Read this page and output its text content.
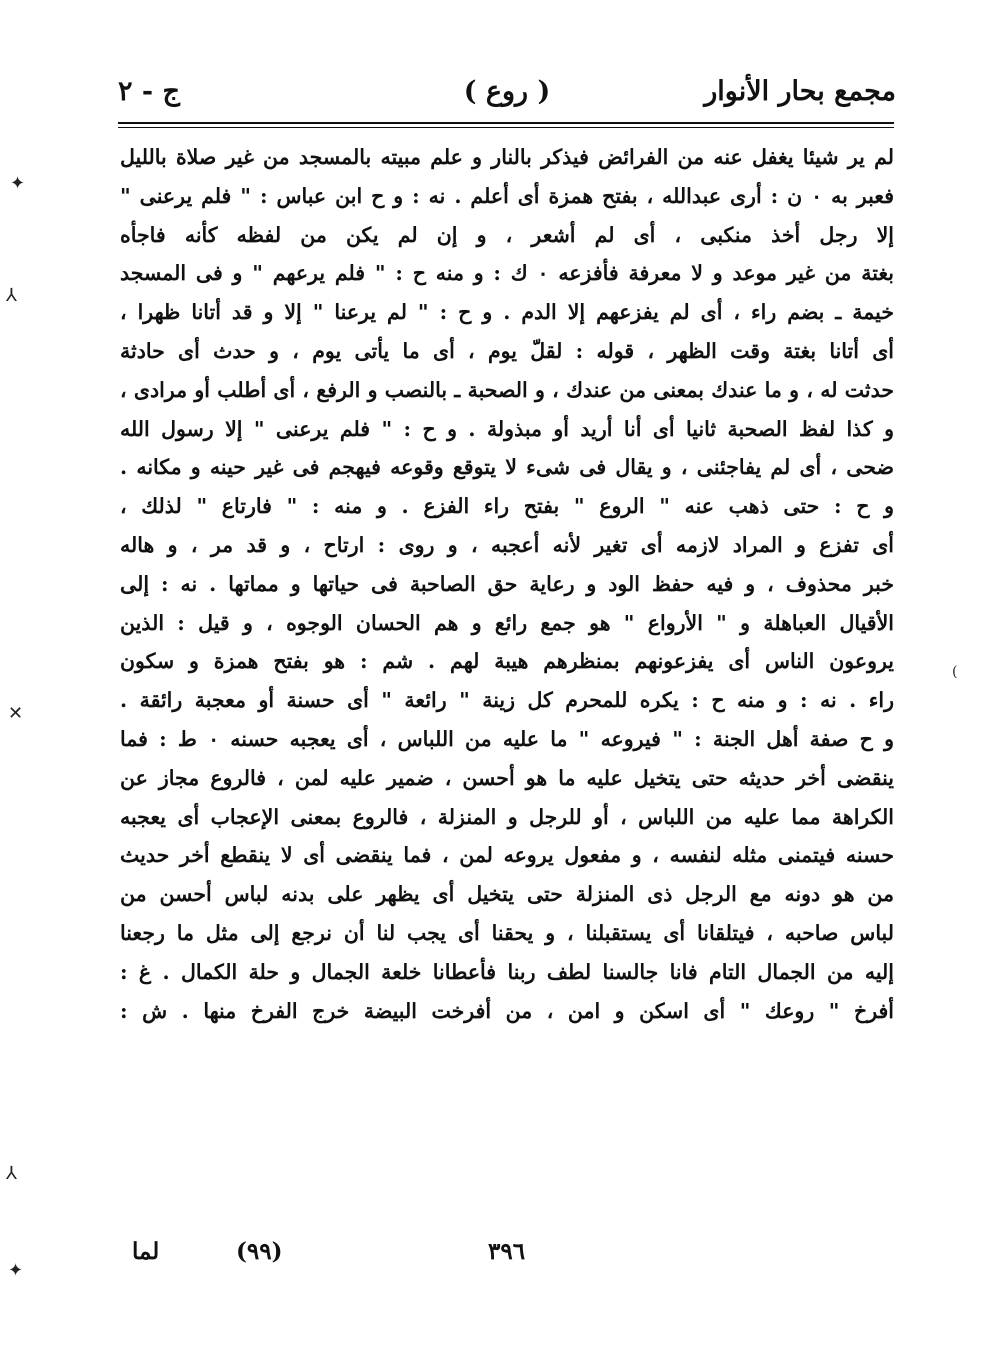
مجمع بحار الأنوار
( روع )
ج - ٢
لم ير شيئا يغفل عنه من الفرائض فيذكر بالنار و علم مبيته بالمسجد من غير صلاة بالليل
فعبر به ٠ ن : أرى عبدالله ، بفتح همزة أى أعلم . نه : و ح ابن عباس : " فلم يرعنى "
إلا رجل أخذ منكبى ، أى لم أشعر ، و إن لم يكن من لفظه كأنه فاجأه
بغتة من غير موعد و لا معرفة فأفزعه ٠ ك : و منه ح : " فلم يرعهم " و فى المسجد
خيمة ـ بضم راء ، أى لم يفزعهم إلا الدم . و ح : " لم يرعنا " إلا و قد أتانا ظهرا ،
أى أتانا بغتة وقت الظهر ، قوله : لقلّ يوم ، أى ما يأتى يوم ، و حدث أى حادثة
حدثت له ، و ما عندك بمعنى من عندك ، و الصحبة ـ بالنصب و الرفع ، أى أطلب أو مرادى ،
و كذا لفظ الصحبة ثانيا أى أنا أريد أو مبذولة . و ح : " فلم يرعنى " إلا رسول الله
ضحى ، أى لم يفاجئنى ، و يقال فى شىء لا يتوقع وقوعه فيهجم فى غير حينه و مكانه .
و ح : حتى ذهب عنه " الروع " بفتح راء الفزع . و منه : " فارتاع " لذلك ،
أى تفزع و المراد لازمه أى تغير لأنه أعجبه ، و روى : ارتاح ، و قد مر ، و هاله
خبر محذوف ، و فيه حفظ الود و رعاية حق الصاحبة فى حياتها و مماتها . نه : إلى
الأقيال العباهلة و " الأرواع " هو جمع رائع و هم الحسان الوجوه ، و قيل : الذين
يروعون الناس أى يفزعونهم بمنظرهم هيبة لهم . شم : هو بفتح همزة و سكون
راء . نه : و منه ح : يكره للمحرم كل زينة " رائعة " أى حسنة أو معجبة رائقة .
و ح صفة أهل الجنة : " فيروعه " ما عليه من اللباس ، أى يعجبه حسنه ٠ ط : فما
ينقضى أخر حديثه حتى يتخيل عليه ما هو أحسن ، ضمير عليه لمن ، فالروع مجاز عن
الكراهة مما عليه من اللباس ، أو للرجل و المنزلة ، فالروع بمعنى الإعجاب أى يعجبه
حسنه فيتمنى مثله لنفسه ، و مفعول يروعه لمن ، فما ينقضى أى لا ينقطع أخر حديث
من هو دونه مع الرجل ذى المنزلة حتى يتخيل أى يظهر على بدنه لباس أحسن من
لباس صاحبه ، فيتلقانا أى يستقبلنا ، و يحقنا أى يجب لنا أن نرجع إلى مثل ما رجعنا
إليه من الجمال التام فانا جالسنا لطف ربنا فأعطانا خلعة الجمال و حلة الكمال . غ :
أفرخ " روعك " أى اسكن و امن ، من أفرخت البيضة خرج الفرخ منها . ش :
٣٩٦
(٩٩)
لما
✦
⅄
✕
⅄
✦
(
